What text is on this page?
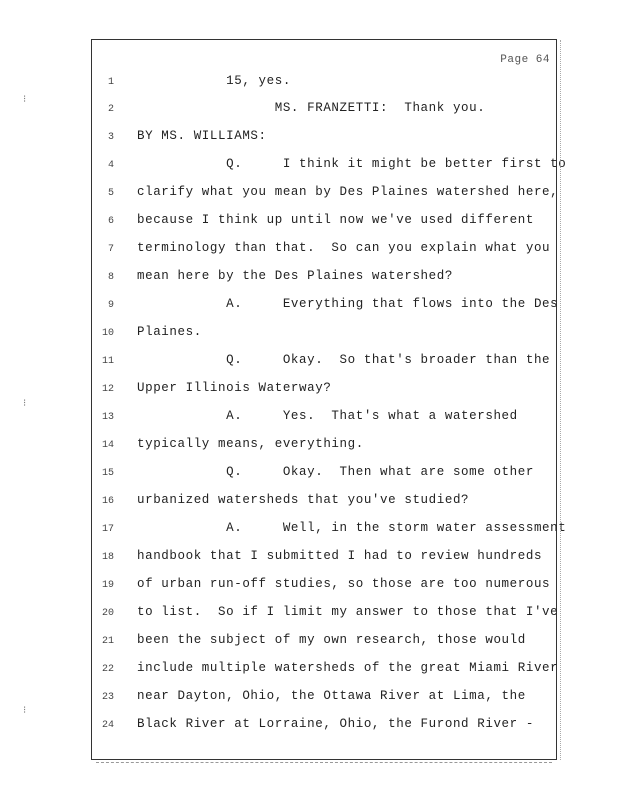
Page 64
1 15, yes.
2 MS. FRANZETTI:  Thank you.
3 BY MS. WILLIAMS:
4 Q.     I think it might be better first to
5 clarify what you mean by Des Plaines watershed here,
6 because I think up until now we've used different
7 terminology than that.  So can you explain what you
8 mean here by the Des Plaines watershed?
9 A.     Everything that flows into the Des
10 Plaines.
11 Q.     Okay.  So that's broader than the
12 Upper Illinois Waterway?
13 A.     Yes.  That's what a watershed
14 typically means, everything.
15 Q.     Okay.  Then what are some other
16 urbanized watersheds that you've studied?
17 A.     Well, in the storm water assessment
18 handbook that I submitted I had to review hundreds
19 of urban run-off studies, so those are too numerous
20 to list.  So if I limit my answer to those that I've
21 been the subject of my own research, those would
22 include multiple watersheds of the great Miami River
23 near Dayton, Ohio, the Ottawa River at Lima, the
24 Black River at Lorraine, Ohio, the Furond River -
⁝
⁝
⁝
